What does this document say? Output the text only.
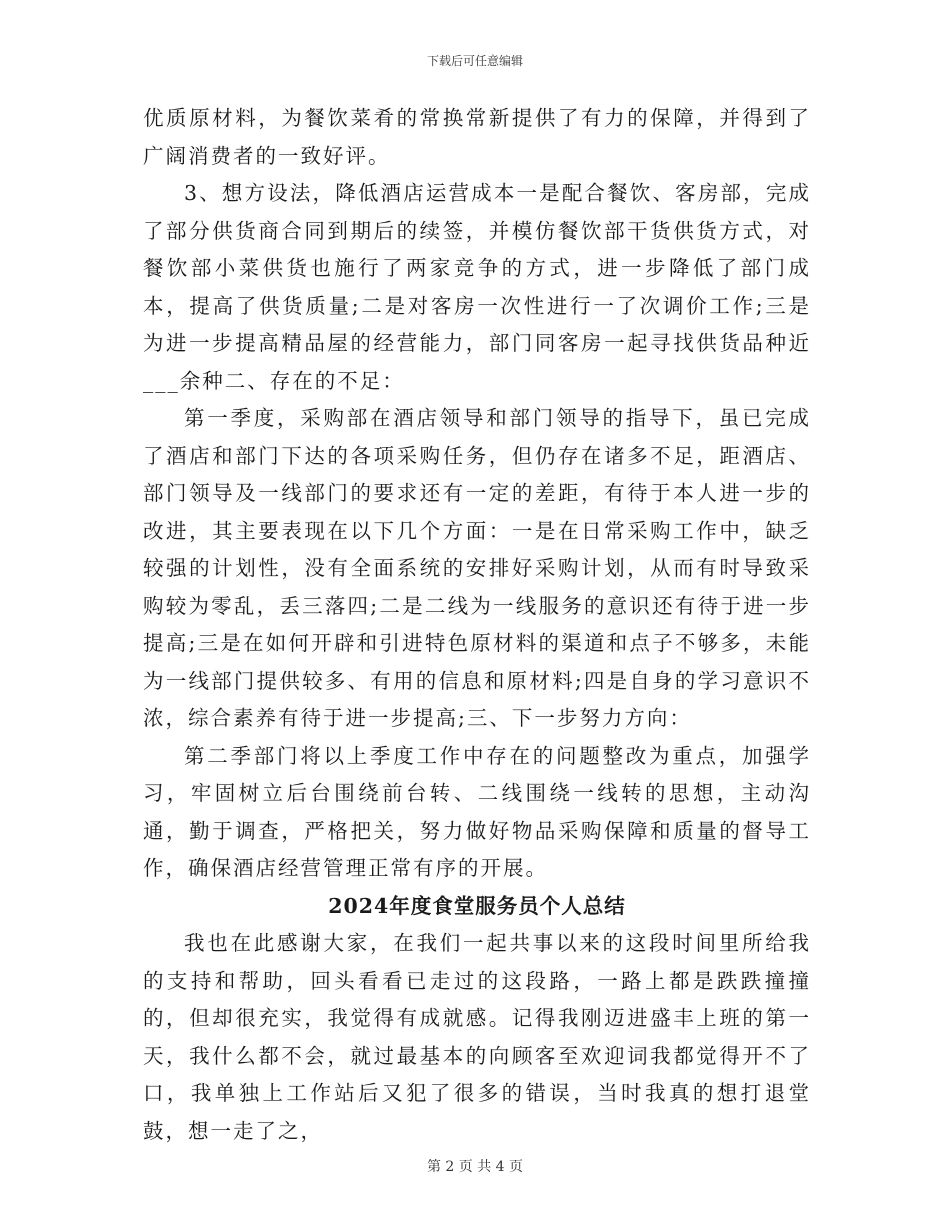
下载后可任意编辑

优质原材料，为餐饮菜肴的常换常新提供了有力的保障，并得到了广阔消费者的一致好评。

3、想方设法，降低酒店运营成本一是配合餐饮、客房部，完成了部分供货商合同到期后的续签，并模仿餐饮部干货供货方式，对餐饮部小菜供货也施行了两家竞争的方式，进一步降低了部门成本，提高了供货质量;二是对客房一次性进行一了次调价工作;三是为进一步提高精品屋的经营能力，部门同客房一起寻找供货品种近___余种二、存在的不足：

第一季度，采购部在酒店领导和部门领导的指导下，虽已完成了酒店和部门下达的各项采购任务，但仍存在诸多不足，距酒店、部门领导及一线部门的要求还有一定的差距，有待于本人进一步的改进，其主要表现在以下几个方面：一是在日常采购工作中，缺乏较强的计划性，没有全面系统的安排好采购计划，从而有时导致采购较为零乱，丢三落四;二是二线为一线服务的意识还有待于进一步提高;三是在如何开辟和引进特色原材料的渠道和点子不够多，未能为一线部门提供较多、有用的信息和原材料;四是自身的学习意识不浓，综合素养有待于进一步提高;三、下一步努力方向：

第二季部门将以上季度工作中存在的问题整改为重点，加强学习，牢固树立后台围绕前台转、二线围绕一线转的思想，主动沟通，勤于调查，严格把关，努力做好物品采购保障和质量的督导工作，确保酒店经营管理正常有序的开展。

2024年度食堂服务员个人总结

我也在此感谢大家，在我们一起共事以来的这段时间里所给我的支持和帮助，回头看看已走过的这段路，一路上都是跌跌撞撞的，但却很充实，我觉得有成就感。记得我刚迈进盛丰上班的第一天，我什么都不会，就过最基本的向顾客至欢迎词我都觉得开不了口，我单独上工作站后又犯了很多的错误，当时我真的想打退堂鼓，想一走了之，

第 2 页 共 4 页
